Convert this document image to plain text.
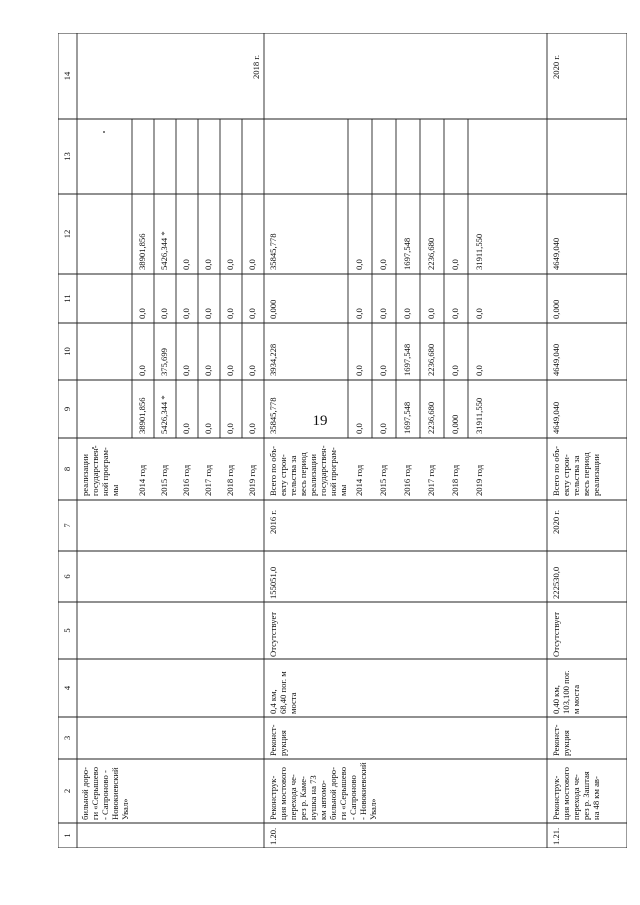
19
1
2
3
4
5
6
7
8
9
10
11
12
13
14
бильной доро-
ги «Серышево
- Сапроново -
Новокиевский
Увал»
реализации
государствен-
ной програм-
мы 2014 год
38901,856
0,0
0,0
38901,856
2015 год
5426,344 *
375,699
0,0
5426,344 *
2016 год
0,0
0,0
0,0
0,0
2017 год
0,0
0,0
0,0
0,0
2018 год
0,0
0,0
0,0
0,0
2019 год
0,0
0,0
0,0
0,0
2018 г.
1.20.
Реконструк-
ция мостового
перехода че-
рез р. Каме-
нушка на 73
км автомо-
бильной доро-
ги «Серышево
- Сапроново
- Новокиевский
Увал»
Реконст-
рукция
0,4 км,
68,40 пог. м
моста
Отсутствует
155051,0
2016 г.
Всего по объ-
екту строи-
тельства за
весь период
реализации
государствен-
ной програм-
мы
35845,778
3934,228
0,000
35845,778
2014 год
0,0
0,0
0,0
0,0
2015 год
0,0
0,0
0,0
0,0
2016 год
1697,548
1697,548
0,0
1697,548
2017 год
2236,680
2236,680
0,0
2236,680
2018 год
0,000
0,0
0,0
0,0
2019 год
31911,550
0,0
0,0
31911,550
1.21.
Реконструк-
ция мостового
перехода че-
рез р. Заштая
на 48 км ав-
Реконст-
рукция
0,40 км,
103,100 пог.
м моста
Отсутствует
222530,0
2020 г.
Всего по объ-
екту строи-
тельства за
весь период
реализации
4649,040
4649,040
0,000
4649,040
2020 г.
